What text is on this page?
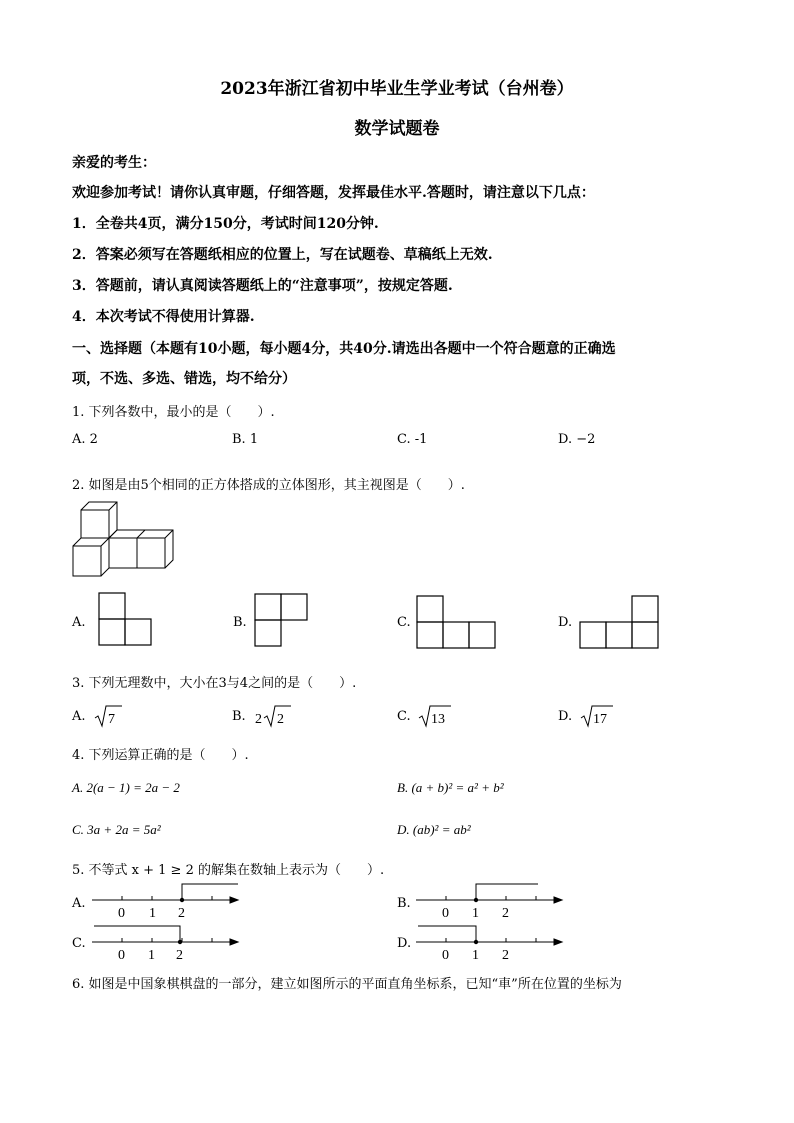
2023年浙江省初中毕业生学业考试（台州卷）
数学试题卷
亲爱的考生：
欢迎参加考试！请你认真审题，仔细答题，发挥最佳水平.答题时，请注意以下几点：
1．全卷共4页，满分150分，考试时间120分钟.
2．答案必须写在答题纸相应的位置上，写在试题卷、草稿纸上无效.
3．答题前，请认真阅读答题纸上的“注意事项”，按规定答题.
4．本次考试不得使用计算器.
一、选择题（本题有10小题，每小题4分，共40分.请选出各题中一个符合题意的正确选
项，不选、多选、错选，均不给分）
1. 下列各数中，最小的是（　　）.
A. 2	B. 1	C. -1	D. −2
2. 如图是由5个相同的正方体搭成的立体图形，其主视图是（　　）.
A.	B.	C.	D.
3. 下列无理数中，大小在3与4之间的是（　　）.
A. 7	B. 2 2	C. 13	D. 17
4. 下列运算正确的是（　　）.
A. 2(a − 1) = 2a − 2	B. (a + b)² = a² + b²
C. 3a + 2a = 5a²	D. (ab)² = ab²
5. 不等式 x + 1 ≥ 2 的解集在数轴上表示为（　　）.
A.
0 1 2
B.
0 1 2
C.
0 1 2
D.
0 1 2
6. 如图是中国象棋棋盘的一部分，建立如图所示的平面直角坐标系，已知“車”所在位置的坐标为
